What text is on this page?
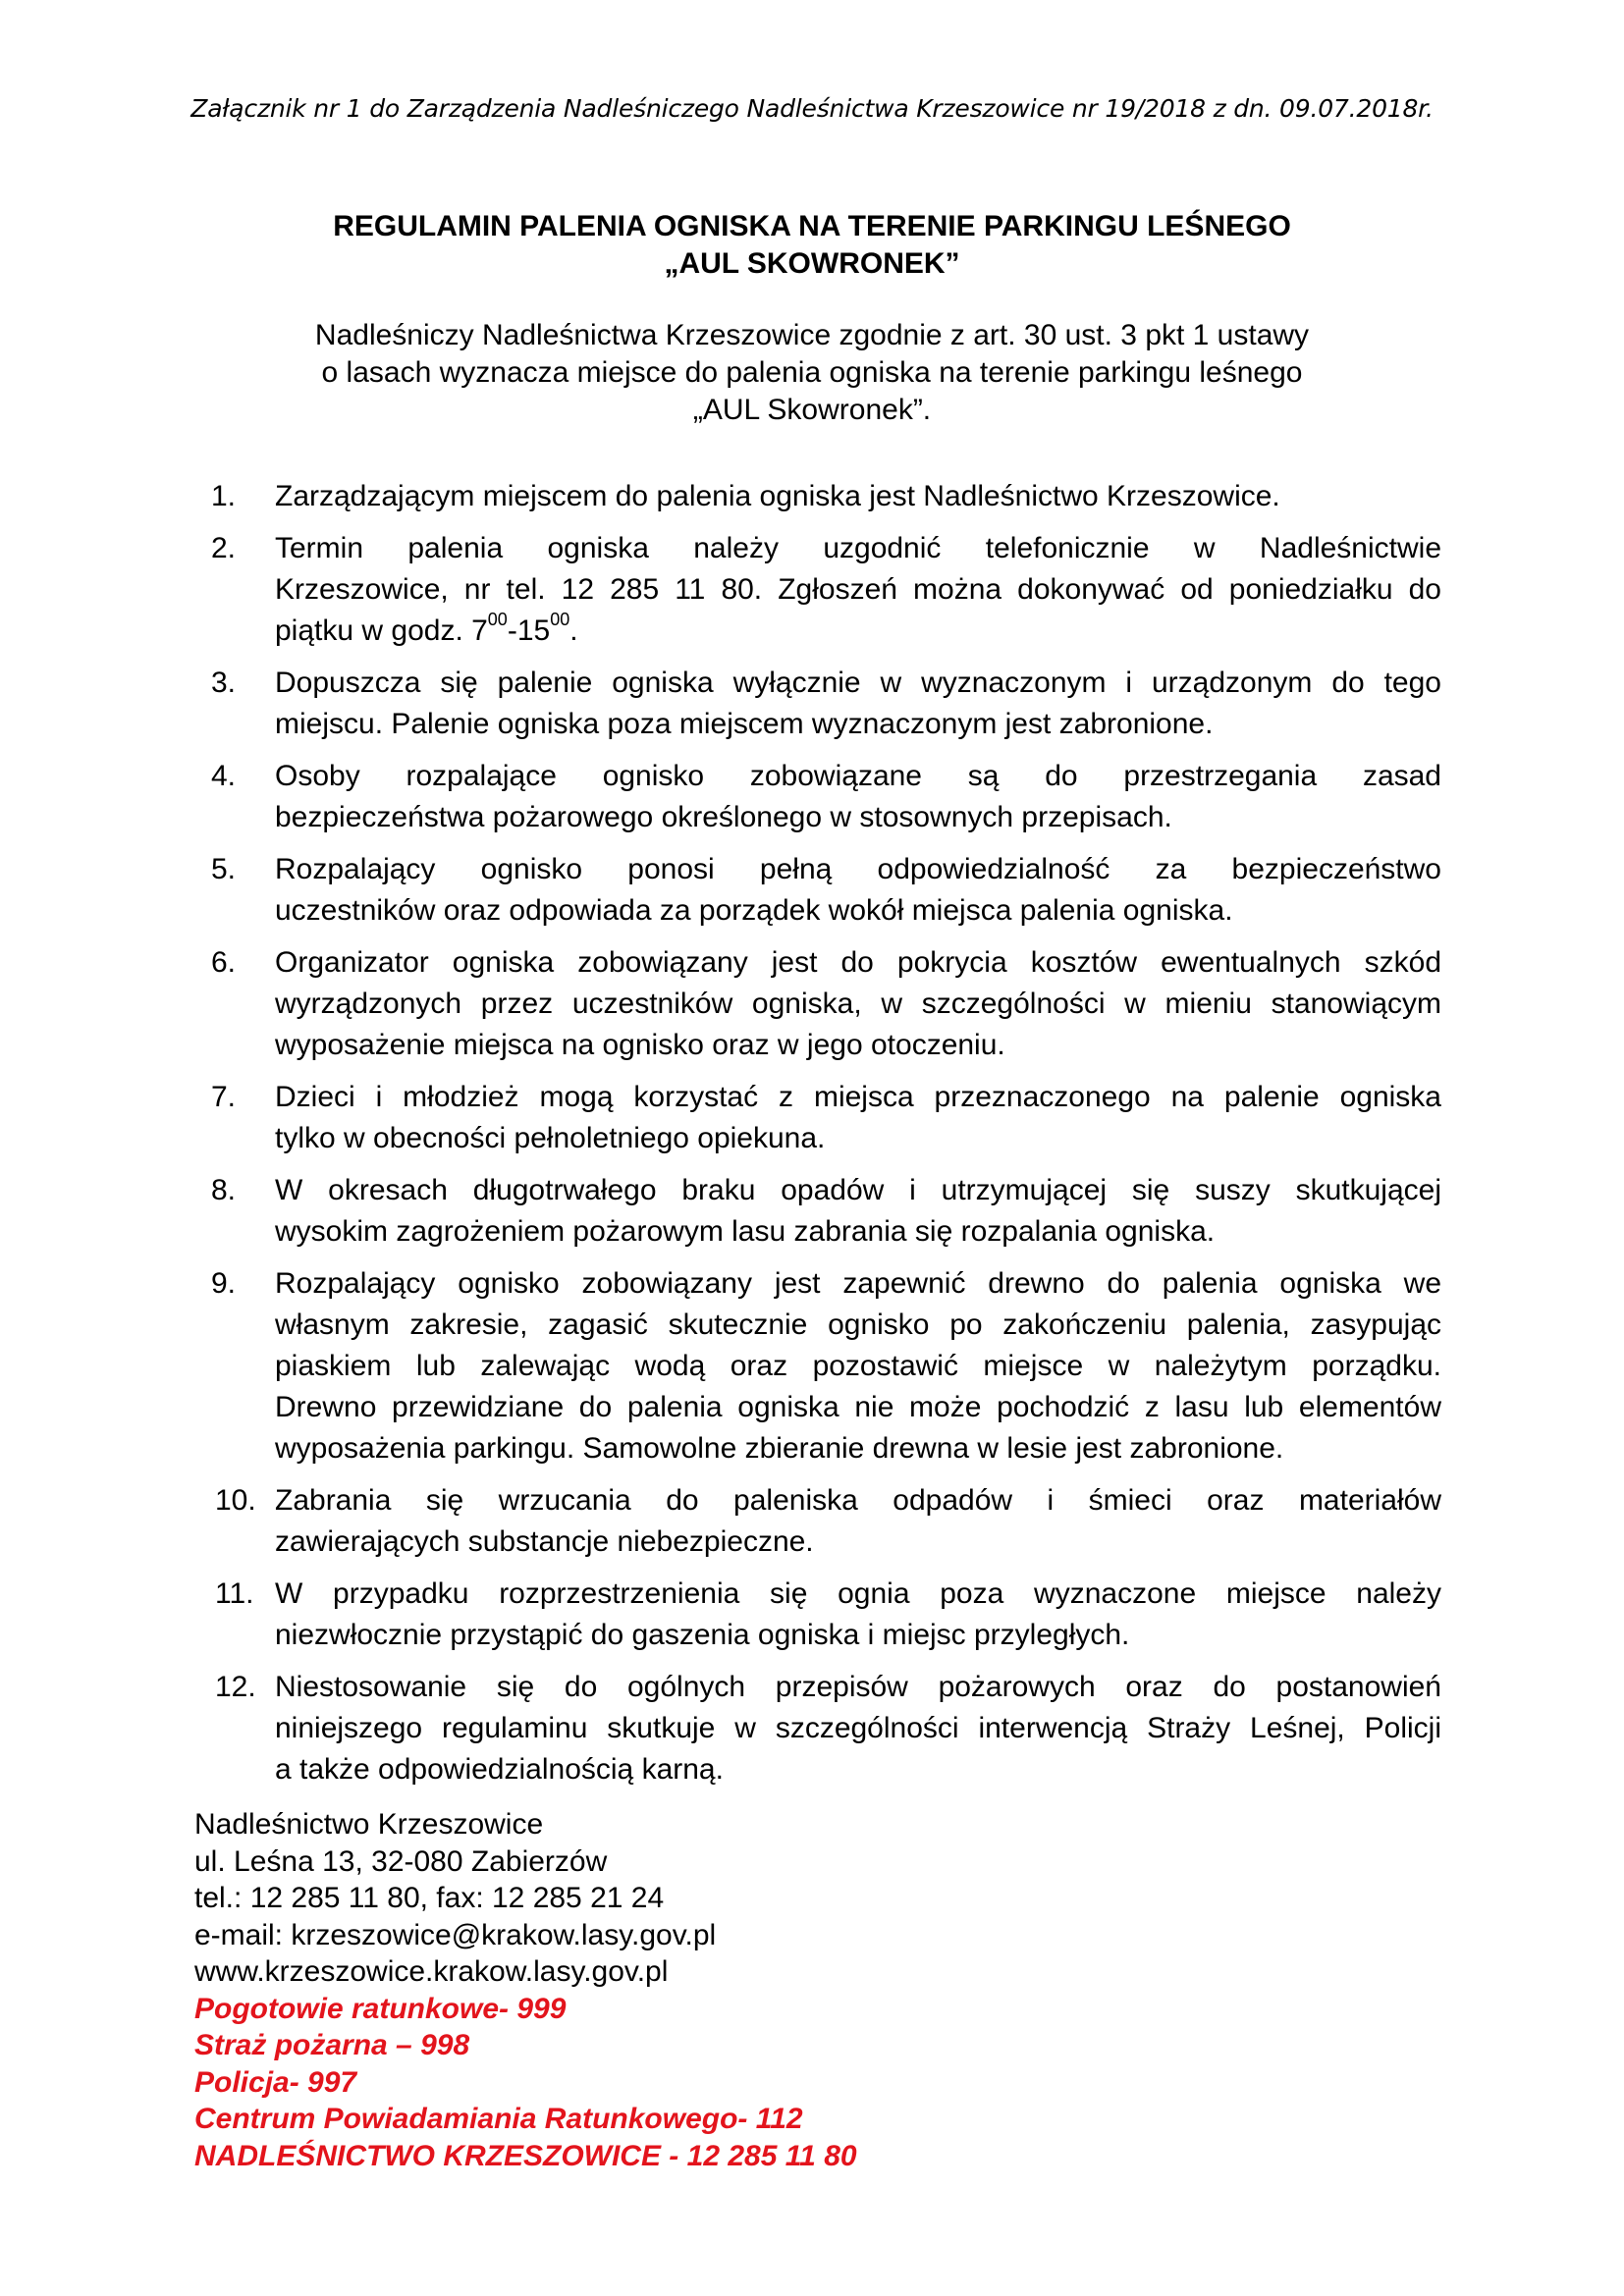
Załącznik nr 1 do Zarządzenia Nadleśniczego Nadleśnictwa Krzeszowice nr 19/2018 z dn. 09.07.2018r.
REGULAMIN PALENIA OGNISKA NA TERENIE PARKINGU LEŚNEGO
„AUL SKOWRONEK”

Nadleśniczy Nadleśnictwa Krzeszowice zgodnie z art. 30 ust. 3 pkt 1 ustawy
o lasach wyznacza miejsce do palenia ogniska na terenie parkingu leśnego
„AUL Skowronek”.

1.	Zarządzającym miejscem do palenia ogniska jest Nadleśnictwo Krzeszowice.
2.	Termin palenia ogniska należy uzgodnić telefonicznie w Nadleśnictwie
Krzeszowice, nr tel. 12 285 11 80. Zgłoszeń można dokonywać od poniedziałku do
piątku w godz. $7^{00}-15^{00}$.
3.	Dopuszcza się palenie ogniska wyłącznie w wyznaczonym i urządzonym do tego
miejscu. Palenie ogniska poza miejscem wyznaczonym jest zabronione.
4.	Osoby rozpalające ognisko zobowiązane są do przestrzegania zasad
bezpieczeństwa pożarowego określonego w stosownych przepisach.
5.	Rozpalający ognisko ponosi pełną odpowiedzialność za bezpieczeństwo
uczestników oraz odpowiada za porządek wokół miejsca palenia ogniska.
6.	Organizator ogniska zobowiązany jest do pokrycia kosztów ewentualnych szkód
wyrządzonych przez uczestników ogniska, w szczególności w mieniu stanowiącym
wyposażenie miejsca na ognisko oraz w jego otoczeniu.
7.	Dzieci i młodzież mogą korzystać z miejsca przeznaczonego na palenie ogniska
tylko w obecności pełnoletniego opiekuna.
8.	W okresach długotrwałego braku opadów i utrzymującej się suszy skutkującej
wysokim zagrożeniem pożarowym lasu zabrania się rozpalania ogniska.
9.	Rozpalający ognisko zobowiązany jest zapewnić drewno do palenia ogniska we
własnym zakresie, zagasić skutecznie ognisko po zakończeniu palenia, zasypując
piaskiem lub zalewając wodą oraz pozostawić miejsce w należytym porządku.
Drewno przewidziane do palenia ogniska nie może pochodzić z lasu lub elementów
wyposażenia parkingu. Samowolne zbieranie drewna w lesie jest zabronione.
10. Zabrania się wrzucania do paleniska odpadów i śmieci oraz materiałów
zawierających substancje niebezpieczne.
11. W przypadku rozprzestrzenienia się ognia poza wyznaczone miejsce należy
niezwłocznie przystąpić do gaszenia ogniska i miejsc przyległych.
12. Niestosowanie się do ogólnych przepisów pożarowych oraz do postanowień
niniejszego regulaminu skutkuje w szczególności interwencją Straży Leśnej, Policji
a także odpowiedzialnością karną.
Nadleśnictwo Krzeszowice
ul. Leśna 13, 32-080 Zabierzów
tel.: 12 285 11 80, fax: 12 285 21 24
e-mail: krzeszowice@krakow.lasy.gov.pl
www.krzeszowice.krakow.lasy.gov.pl
Pogotowie ratunkowe- 999
Straż pożarna – 998
Policja- 997
Centrum Powiadamiania Ratunkowego- 112
NADLEŚNICTWO KRZESZOWICE - 12 285 11 80
